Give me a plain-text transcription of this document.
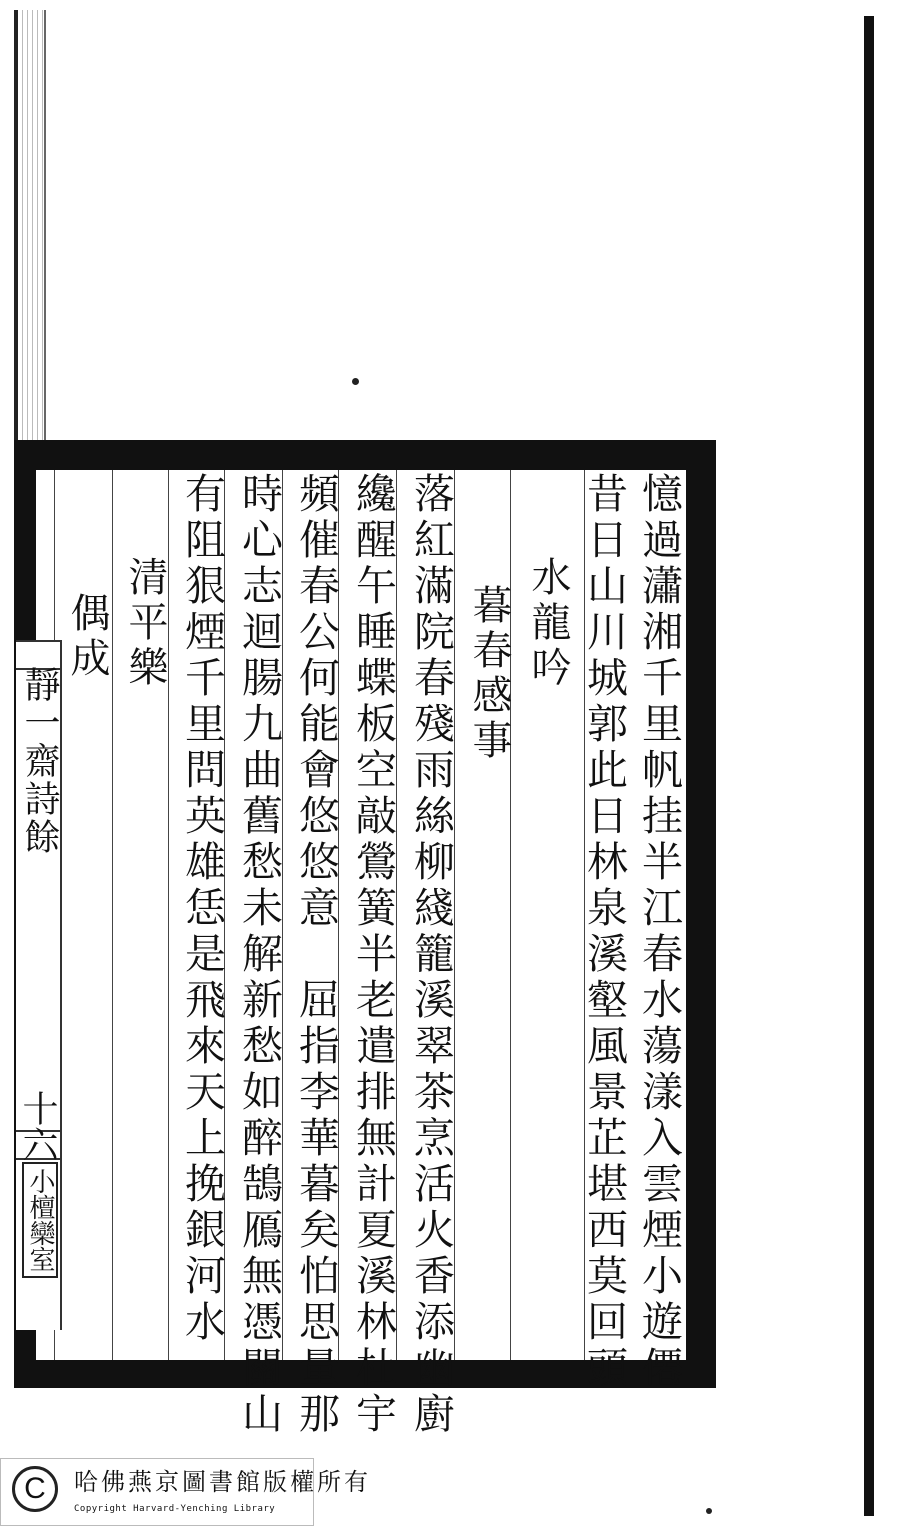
憶過瀟湘千里帆挂半江春水蕩漾入雲煙小遊僊
昔日山川城郭此日林泉溪壑風景芷堪西莫回頭
水龍吟
暮春感事
落紅滿院春殘雨絲柳綫籠溪翠茶烹活火香添幽廚
纔醒午睡蝶板空敲鶯簧半老遣排無計夏溪林杜宇
頻催春公何能會悠悠意　屈指李華暮矣怕思量那
時心志迴腸九曲舊愁未解新愁如醉鵠鴈無憑關山
有阻狠煙千里問英雄恁是飛來天上挽銀河水
清平樂
偶成
靜一齋詩餘
十六
小檀欒室
C	哈佛燕京圖書館版權所有
Copyright Harvard-Yenching Library
